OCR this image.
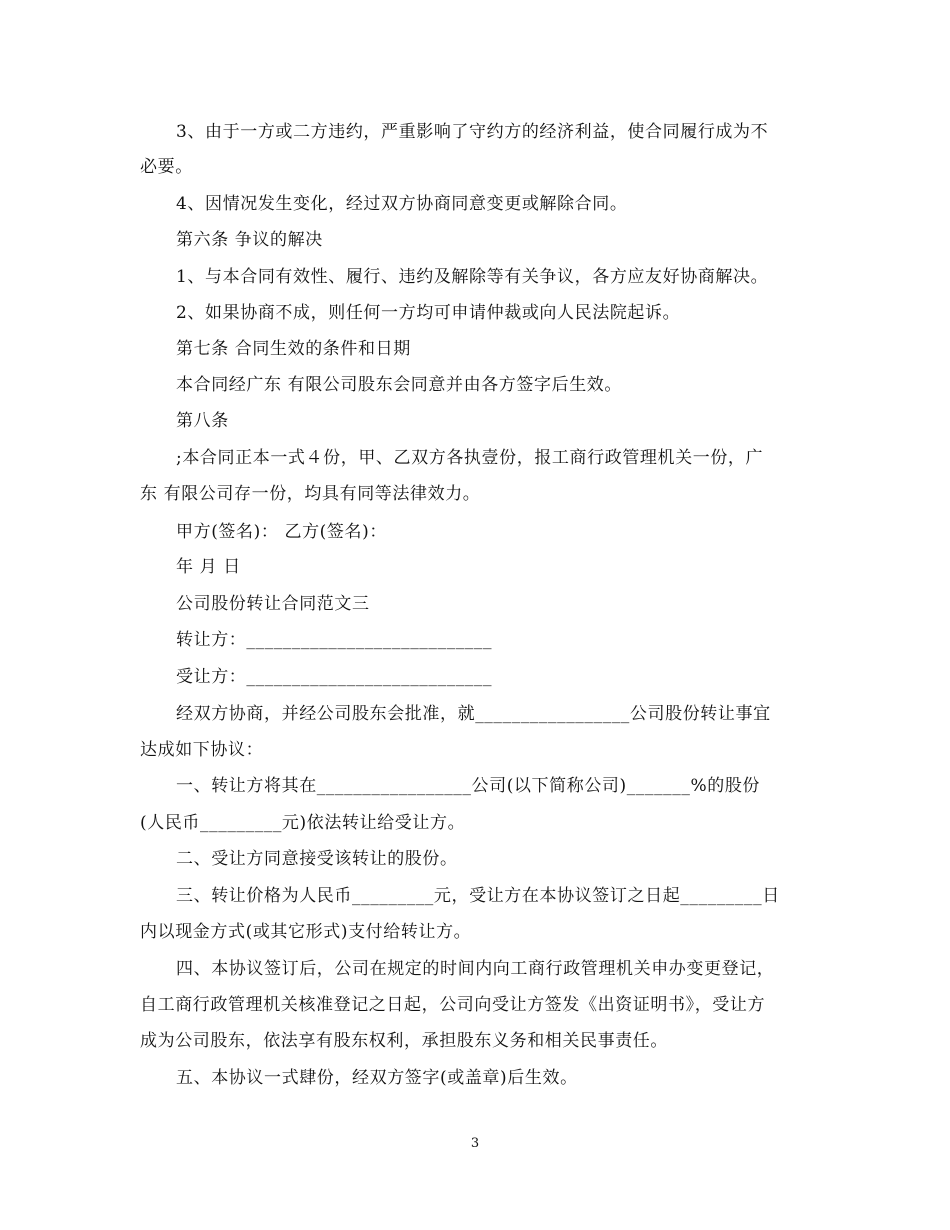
3、由于一方或二方违约，严重影响了守约方的经济利益，使合同履行成为不
必要。
4、因情况发生变化，经过双方协商同意变更或解除合同。
第六条 争议的解决
1、与本合同有效性、履行、违约及解除等有关争议，各方应友好协商解决。
2、如果协商不成，则任何一方均可申请仲裁或向人民法院起诉。
第七条 合同生效的条件和日期
本合同经广东 有限公司股东会同意并由各方签字后生效。
第八条
;本合同正本一式４份，甲、乙双方各执壹份，报工商行政管理机关一份，广
东 有限公司存一份，均具有同等法律效力。
甲方(签名)： 乙方(签名)：
年 月 日
公司股份转让合同范文三
转让方：___________________________
受让方：___________________________
经双方协商，并经公司股东会批准，就_________________公司股份转让事宜
达成如下协议：
一、转让方将其在_________________公司(以下简称公司)_______%的股份
(人民币_________元)依法转让给受让方。
二、受让方同意接受该转让的股份。
三、转让价格为人民币_________元，受让方在本协议签订之日起_________日
内以现金方式(或其它形式)支付给转让方。
四、本协议签订后，公司在规定的时间内向工商行政管理机关申办变更登记，
自工商行政管理机关核准登记之日起，公司向受让方签发《出资证明书》，受让方
成为公司股东，依法享有股东权利，承担股东义务和相关民事责任。
五、本协议一式肆份，经双方签字(或盖章)后生效。
3
